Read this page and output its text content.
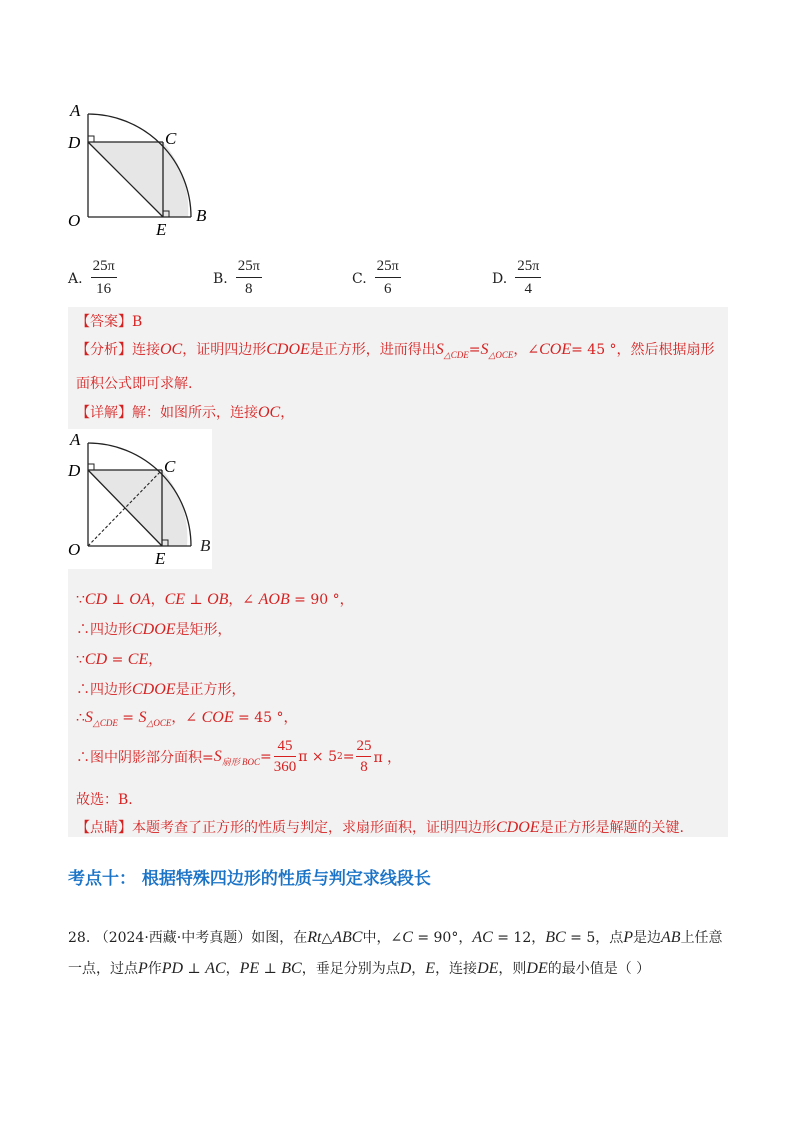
A
D	C
O	E
B
A. $\frac{25\pi}{16}$	B. $\frac{25\pi}{8}$	C. $\frac{25\pi}{6}$	D. $\frac{25\pi}{4}$
【答案】B
【分析】连接OC，证明四边形CDOE是正方形，进而得出$S_{\triangle CDE}=S_{\triangle OCE}$，∠COE= 45 °，然后根据扇形
面积公式即可求解.
【详解】解：如图所示，连接OC，
A
D	C
O	E
B
∵CD ⊥ OA，CE ⊥ OB，∠ AOB = 90 °，
∴四边形CDOE是矩形，
∵CD = CE，
∴四边形CDOE是正方形，
$\therefore S_{\triangle CDE} = S_{\triangle OCE}$，∠ COE = 45 °，
∴图中阴影部分面积= S 扇形 BOC =
45
360
π × 5 2 =
25
8
π ，
故选：B.
【点睛】本题考查了正方形的性质与判定，求扇形面积，证明四边形CDOE是正方形是解题的关键.
考点十： 根据特殊四边形的性质与判定求线段长
28. （2024·西藏·中考真题）如图，在Rt△ABC中，∠C = 90°，AC = 12，BC = 5，点P是边AB上任意
一点，过点P作PD ⊥ AC，PE ⊥ BC，垂足分别为点D，E，连接DE，则DE的最小值是（ ）
